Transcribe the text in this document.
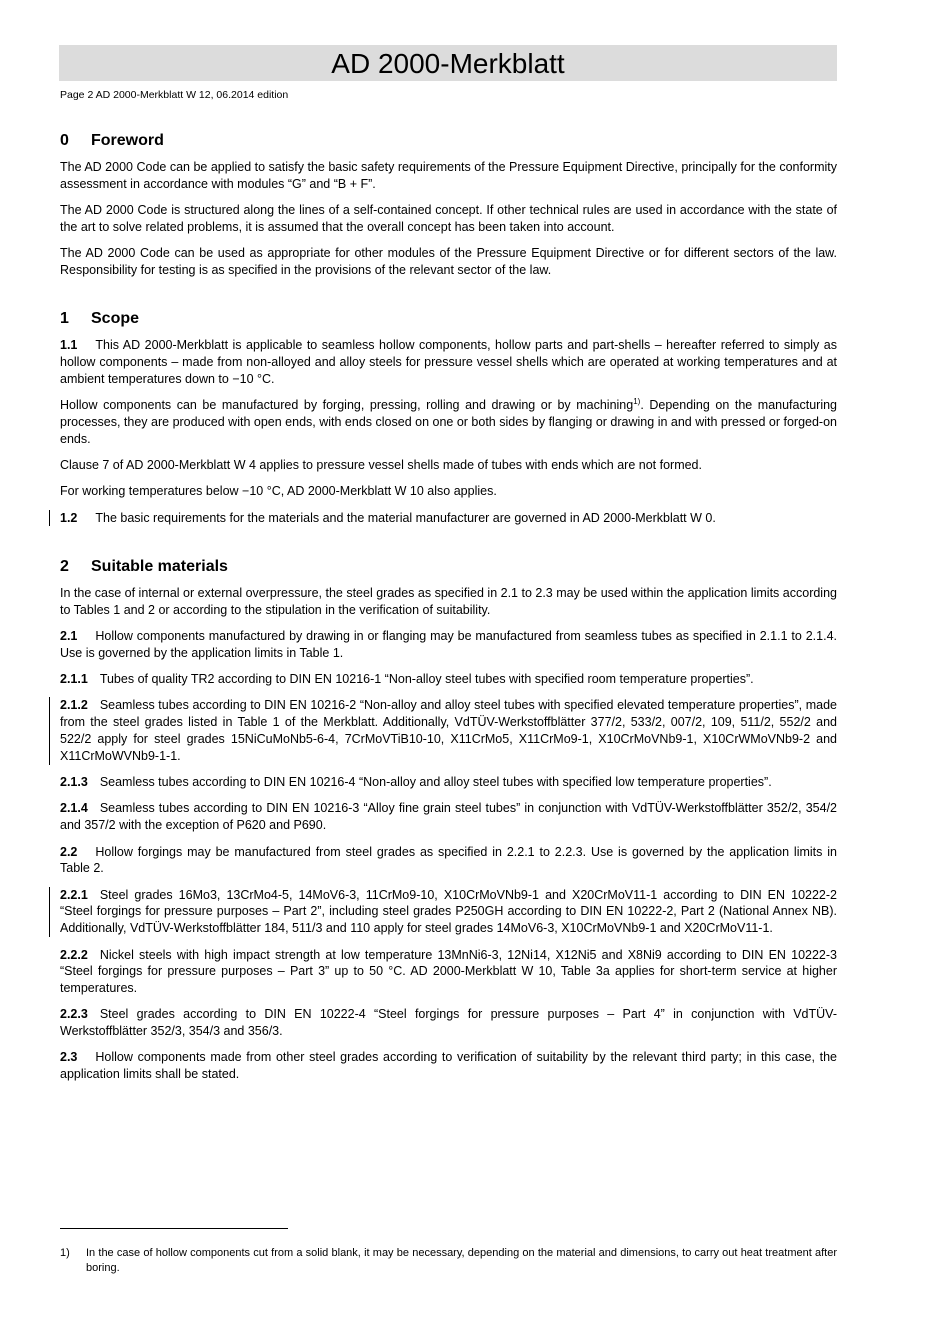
AD 2000-Merkblatt
Page 2 AD 2000-Merkblatt W 12, 06.2014 edition
0 Foreword

The AD 2000 Code can be applied to satisfy the basic safety requirements of the Pressure Equipment Directive, principally for the conformity assessment in accordance with modules “G” and “B + F”.

The AD 2000 Code is structured along the lines of a self-contained concept. If other technical rules are used in accordance with the state of the art to solve related problems, it is assumed that the overall concept has been taken into account.

The AD 2000 Code can be used as appropriate for other modules of the Pressure Equipment Directive or for different sectors of the law. Responsibility for testing is as specified in the provisions of the relevant sector of the law.

1 Scope

1.1 This AD 2000-Merkblatt is applicable to seamless hollow components, hollow parts and part-shells – hereafter referred to simply as hollow components – made from non-alloyed and alloy steels for pressure vessel shells which are operated at working temperatures and at ambient temperatures down to −10 °C.

Hollow components can be manufactured by forging, pressing, rolling and drawing or by machining$^{1)}$. Depending on the manufacturing processes, they are produced with open ends, with ends closed on one or both sides by flanging or drawing in and with pressed or forged-on ends.

Clause 7 of AD 2000-Merkblatt W 4 applies to pressure vessel shells made of tubes with ends which are not formed.

For working temperatures below −10 °C, AD 2000-Merkblatt W 10 also applies.

1.2 The basic requirements for the materials and the material manufacturer are governed in AD 2000-Merkblatt W 0.

2 Suitable materials

In the case of internal or external overpressure, the steel grades as specified in 2.1 to 2.3 may be used within the application limits according to Tables 1 and 2 or according to the stipulation in the verification of suitability.

2.1 Hollow components manufactured by drawing in or flanging may be manufactured from seamless tubes as specified in 2.1.1 to 2.1.4. Use is governed by the application limits in Table 1.

2.1.1 Tubes of quality TR2 according to DIN EN 10216-1 “Non-alloy steel tubes with specified room temperature properties”.

2.1.2 Seamless tubes according to DIN EN 10216-2 “Non-alloy and alloy steel tubes with specified elevated temperature properties”, made from the steel grades listed in Table 1 of the Merkblatt. Additionally, VdTÜV-Werkstoffblätter 377/2, 533/2, 007/2, 109, 511/2, 552/2 and 522/2 apply for steel grades 15NiCuMoNb5-6-4, 7CrMoVTiB10-10, X11CrMo5, X11CrMo9-1, X10CrMoVNb9-1, X10CrWMoVNb9-2 and X11CrMoWVNb9-1-1.

2.1.3 Seamless tubes according to DIN EN 10216-4 “Non-alloy and alloy steel tubes with specified low temperature properties”.

2.1.4 Seamless tubes according to DIN EN 10216-3 “Alloy fine grain steel tubes” in conjunction with VdTÜV-Werkstoffblätter 352/2, 354/2 and 357/2 with the exception of P620 and P690.

2.2 Hollow forgings may be manufactured from steel grades as specified in 2.2.1 to 2.2.3. Use is governed by the application limits in Table 2.

2.2.1 Steel grades 16Mo3, 13CrMo4-5, 14MoV6-3, 11CrMo9-10, X10CrMoVNb9-1 and X20CrMoV11-1 according to DIN EN 10222-2 “Steel forgings for pressure purposes – Part 2”, including steel grades P250GH according to DIN EN 10222-2, Part 2 (National Annex NB). Additionally, VdTÜV-Werkstoffblätter 184, 511/3 and 110 apply for steel grades 14MoV6-3, X10CrMoVNb9-1 and X20CrMoV11-1.

2.2.2 Nickel steels with high impact strength at low temperature 13MnNi6-3, 12Ni14, X12Ni5 and X8Ni9 according to DIN EN 10222-3 “Steel forgings for pressure purposes – Part 3” up to 50 °C. AD 2000-Merkblatt W 10, Table 3a applies for short-term service at higher temperatures.

2.2.3 Steel grades according to DIN EN 10222-4 “Steel forgings for pressure purposes – Part 4” in conjunction with VdTÜV-Werkstoffblätter 352/3, 354/3 and 356/3.

2.3 Hollow components made from other steel grades according to verification of suitability by the relevant third party; in this case, the application limits shall be stated.

1) In the case of hollow components cut from a solid blank, it may be necessary, depending on the material and dimensions, to carry out heat treatment after boring.
